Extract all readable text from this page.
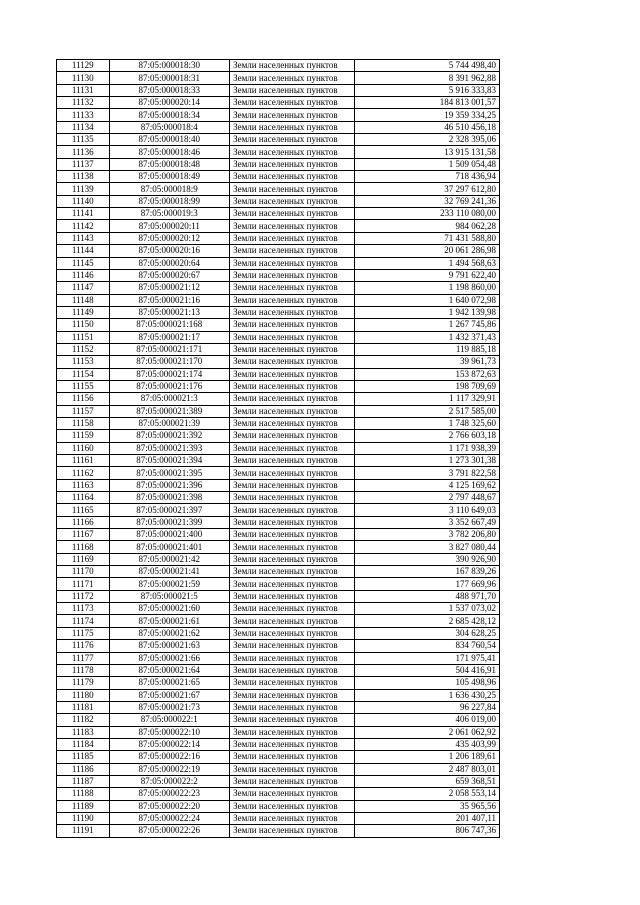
11129	87:05:000018:30	Земли населенных пунктов	5 744 498,40
11130	87:05:000018:31	Земли населенных пунктов	8 391 962,88
11131	87:05:000018:33	Земли населенных пунктов	5 916 333,83
11132	87:05:000020:14	Земли населенных пунктов	184 813 001,57
11133	87:05:000018:34	Земли населенных пунктов	19 359 334,25
11134	87:05:000018:4	Земли населенных пунктов	46 510 456,18
11135	87:05:000018:40	Земли населенных пунктов	2 328 395,06
11136	87:05:000018:46	Земли населенных пунктов	13 915 131,58
11137	87:05:000018:48	Земли населенных пунктов	1 509 054,48
11138	87:05:000018:49	Земли населенных пунктов	718 436,94
11139	87:05:000018:9	Земли населенных пунктов	37 297 612,80
11140	87:05:000018:99	Земли населенных пунктов	32 769 241,36
11141	87:05:000019:3	Земли населенных пунктов	233 110 080,00
11142	87:05:000020:11	Земли населенных пунктов	984 062,28
11143	87:05:000020:12	Земли населенных пунктов	71 431 588,80
11144	87:05:000020:16	Земли населенных пунктов	20 061 286,98
11145	87:05:000020:64	Земли населенных пунктов	1 494 568,63
11146	87:05:000020:67	Земли населенных пунктов	9 791 622,40
11147	87:05:000021:12	Земли населенных пунктов	1 198 860,00
11148	87:05:000021:16	Земли населенных пунктов	1 640 072,98
11149	87:05:000021:13	Земли населенных пунктов	1 942 139,98
11150	87:05:000021:168	Земли населенных пунктов	1 267 745,86
11151	87:05:000021:17	Земли населенных пунктов	1 432 371,43
11152	87:05:000021:171	Земли населенных пунктов	119 885,18
11153	87:05:000021:170	Земли населенных пунктов	39 961,73
11154	87:05:000021:174	Земли населенных пунктов	153 872,63
11155	87:05:000021:176	Земли населенных пунктов	198 709,69
11156	87:05:000021:3	Земли населенных пунктов	1 117 329,91
11157	87:05:000021:389	Земли населенных пунктов	2 517 585,00
11158	87:05:000021:39	Земли населенных пунктов	1 748 325,60
11159	87:05:000021:392	Земли населенных пунктов	2 766 603,18
11160	87:05:000021:393	Земли населенных пунктов	1 171 938,39
11161	87:05:000021:394	Земли населенных пунктов	1 273 301,38
11162	87:05:000021:395	Земли населенных пунктов	3 791 822,58
11163	87:05:000021:396	Земли населенных пунктов	4 125 169,62
11164	87:05:000021:398	Земли населенных пунктов	2 797 448,67
11165	87:05:000021:397	Земли населенных пунктов	3 110 649,03
11166	87:05:000021:399	Земли населенных пунктов	3 352 667,49
11167	87:05:000021:400	Земли населенных пунктов	3 782 206,80
11168	87:05:000021:401	Земли населенных пунктов	3 827 080,44
11169	87:05:000021:42	Земли населенных пунктов	390 926,90
11170	87:05:000021:41	Земли населенных пунктов	167 839,26
11171	87:05:000021:59	Земли населенных пунктов	177 669,96
11172	87:05:000021:5	Земли населенных пунктов	488 971,70
11173	87:05:000021:60	Земли населенных пунктов	1 537 073,02
11174	87:05:000021:61	Земли населенных пунктов	2 685 428,12
11175	87:05:000021:62	Земли населенных пунктов	304 628,25
11176	87:05:000021:63	Земли населенных пунктов	834 760,54
11177	87:05:000021:66	Земли населенных пунктов	171 975,41
11178	87:05:000021:64	Земли населенных пунктов	504 416,91
11179	87:05:000021:65	Земли населенных пунктов	105 498,96
11180	87:05:000021:67	Земли населенных пунктов	1 636 430,25
11181	87:05:000021:73	Земли населенных пунктов	96 227,84
11182	87:05:000022:1	Земли населенных пунктов	406 019,00
11183	87:05:000022:10	Земли населенных пунктов	2 061 062,92
11184	87:05:000022:14	Земли населенных пунктов	435 403,99
11185	87:05:000022:16	Земли населенных пунктов	1 206 189,61
11186	87:05:000022:19	Земли населенных пунктов	2 487 803,01
11187	87:05:000022:2	Земли населенных пунктов	659 368,51
11188	87:05:000022:23	Земли населенных пунктов	2 058 553,14
11189	87:05:000022:20	Земли населенных пунктов	35 965,56
11190	87:05:000022:24	Земли населенных пунктов	201 407,11
11191	87:05:000022:26	Земли населенных пунктов	806 747,36
